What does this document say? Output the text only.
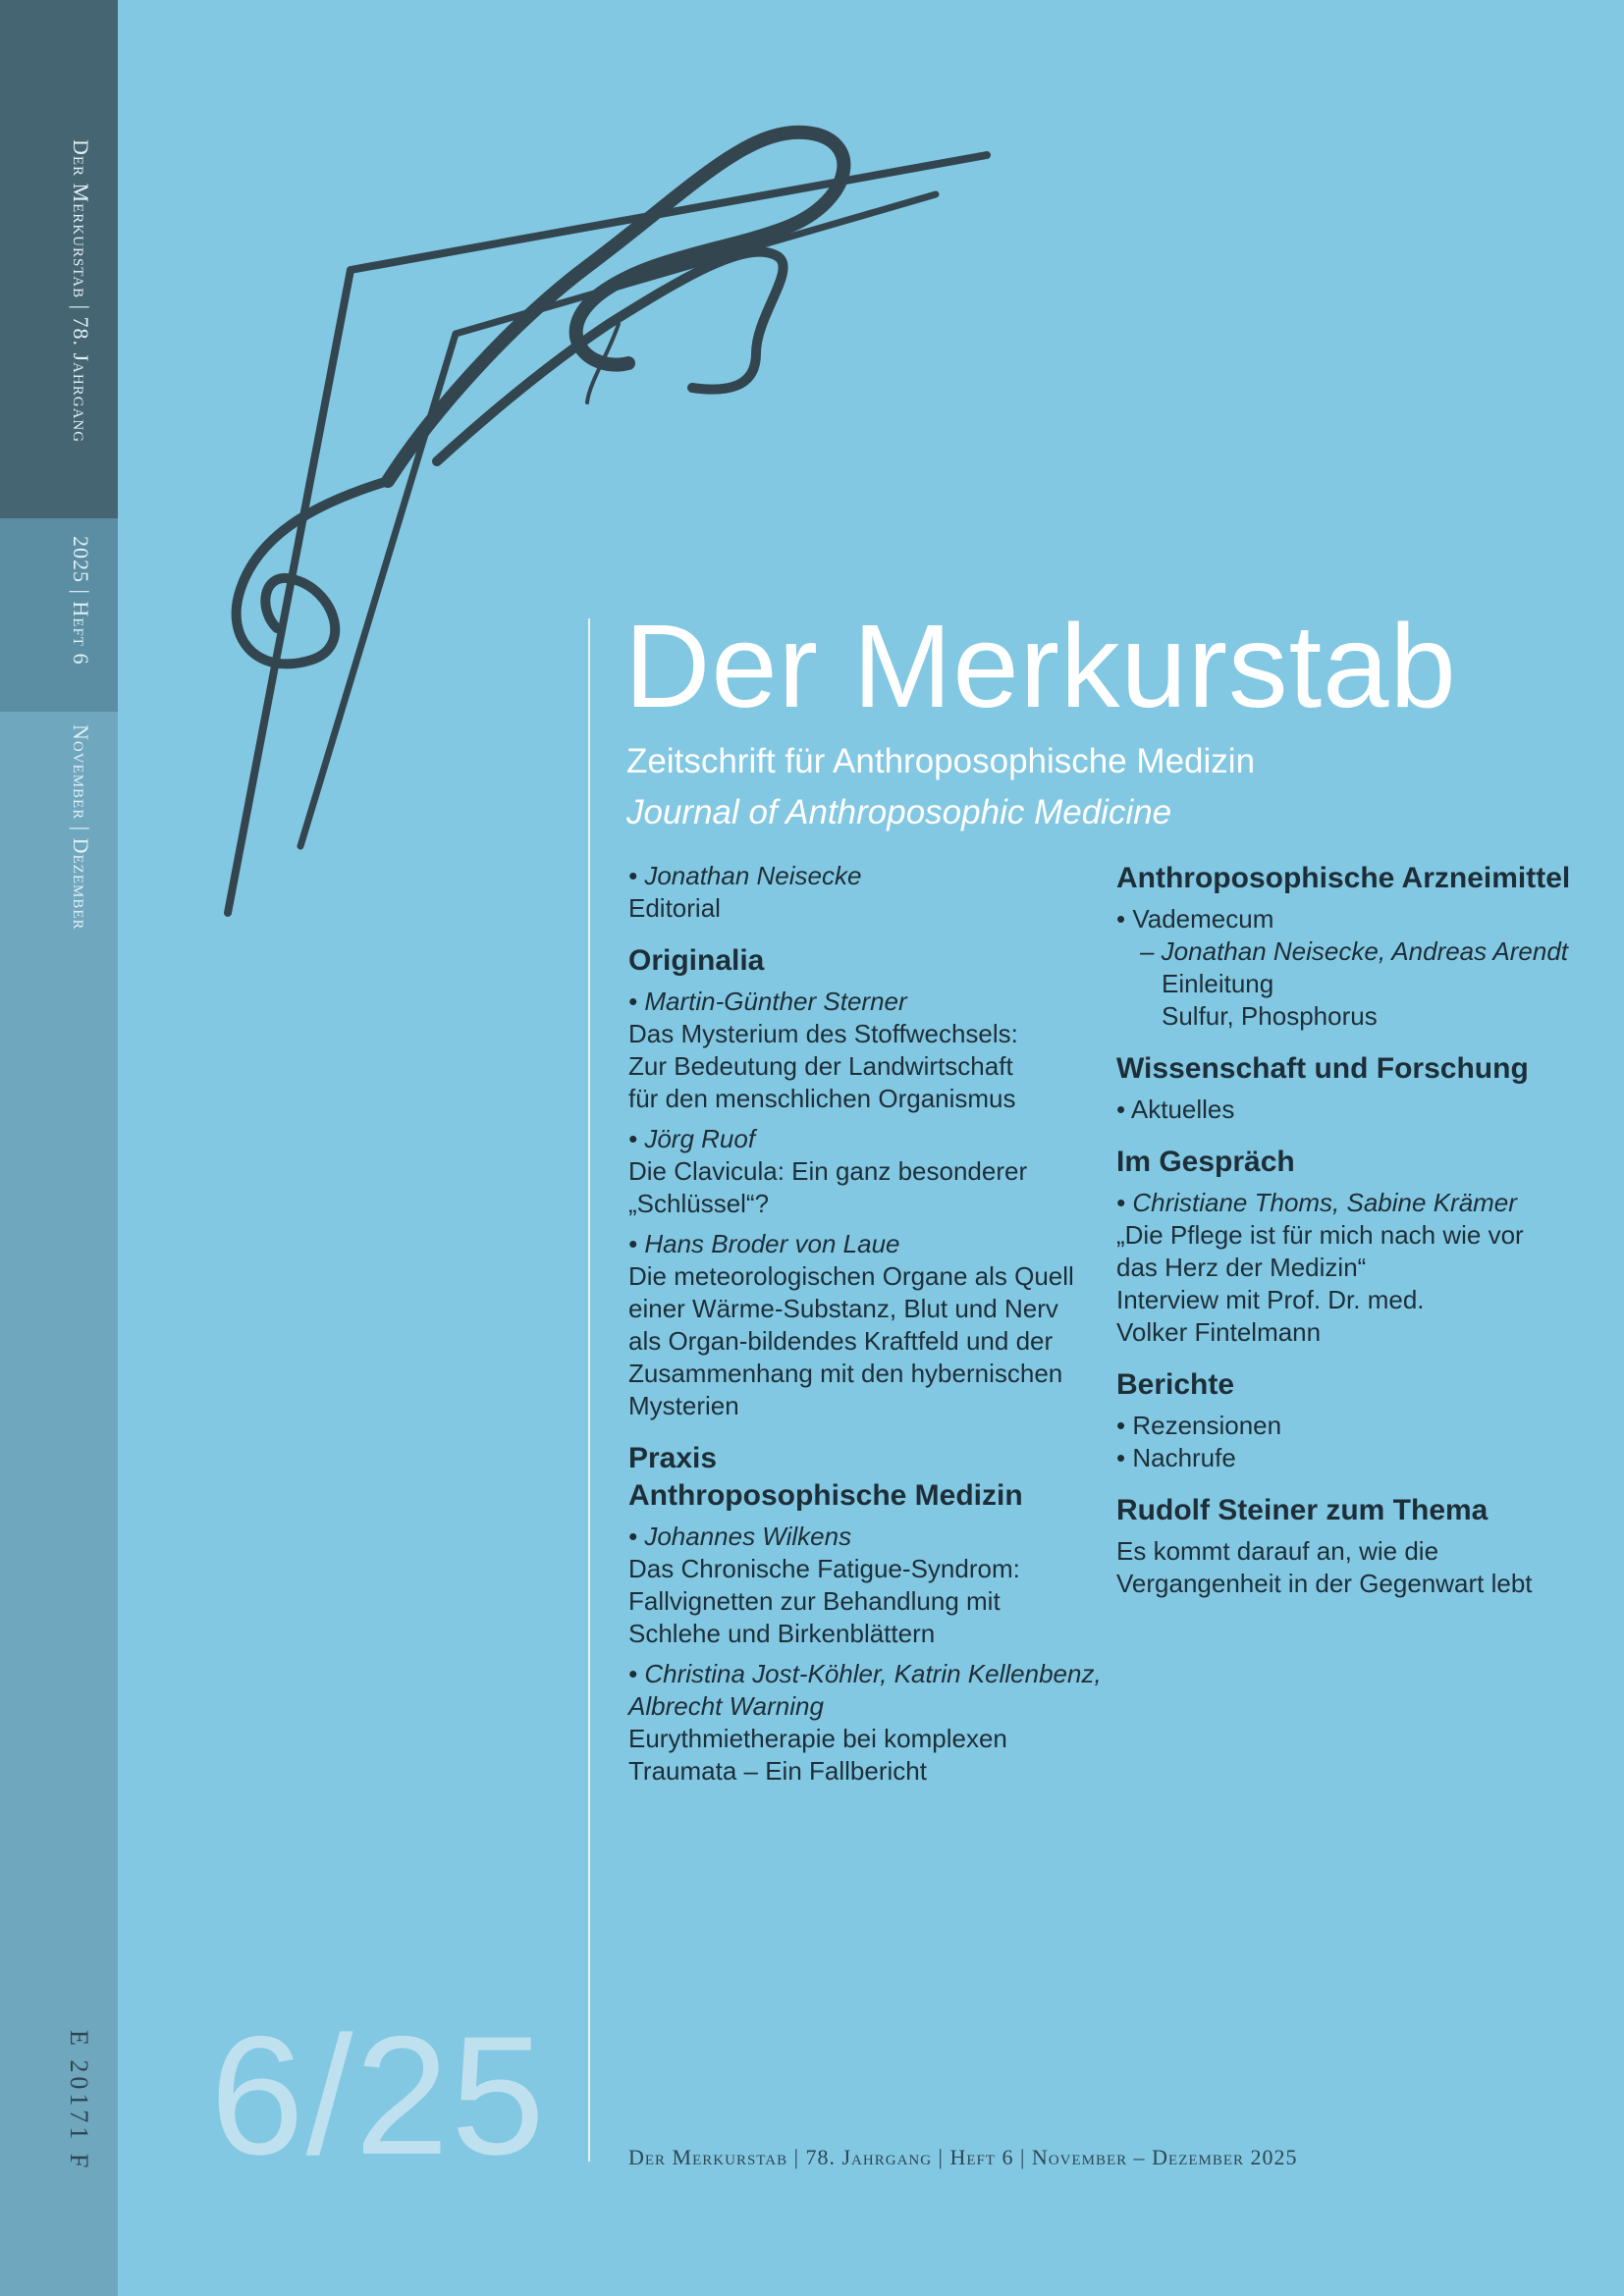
Der Merkurstab | 78. Jahrgang
2025 | Heft 6
November | Dezember
E 20171 F
Der Merkurstab
Zeitschrift für Anthroposophische Medizin
Journal of Anthroposophic Medicine
• Jonathan Neisecke
Editorial
Originalia
• Martin-Günther Sterner
Das Mysterium des Stoffwechsels:
Zur Bedeutung der Landwirtschaft
für den menschlichen Organismus
• Jörg Ruof
Die Clavicula: Ein ganz besonderer
„Schlüssel“?
• Hans Broder von Laue
Die meteorologischen Organe als Quell
einer Wärme-Substanz, Blut und Nerv
als Organ-bildendes Kraftfeld und der
Zusammenhang mit den hybernischen
Mysterien
Praxis
Anthroposophische Medizin
• Johannes Wilkens
Das Chronische Fatigue-Syndrom:
Fallvignetten zur Behandlung mit
Schlehe und Birkenblättern
• Christina Jost-Köhler, Katrin Kellenbenz,
Albrecht Warning
Eurythmietherapie bei komplexen
Traumata – Ein Fallbericht
Anthroposophische Arzneimittel
• Vademecum
– Jonathan Neisecke, Andreas Arendt
Einleitung
Sulfur, Phosphorus
Wissenschaft und Forschung
• Aktuelles
Im Gespräch
• Christiane Thoms, Sabine Krämer
„Die Pflege ist für mich nach wie vor
das Herz der Medizin“
Interview mit Prof. Dr. med.
Volker Fintelmann
Berichte
• Rezensionen
• Nachrufe
Rudolf Steiner zum Thema
Es kommt darauf an, wie die
Vergangenheit in der Gegenwart lebt
6/25	Der Merkurstab | 78. Jahrgang | Heft 6 | November – Dezember 2025
